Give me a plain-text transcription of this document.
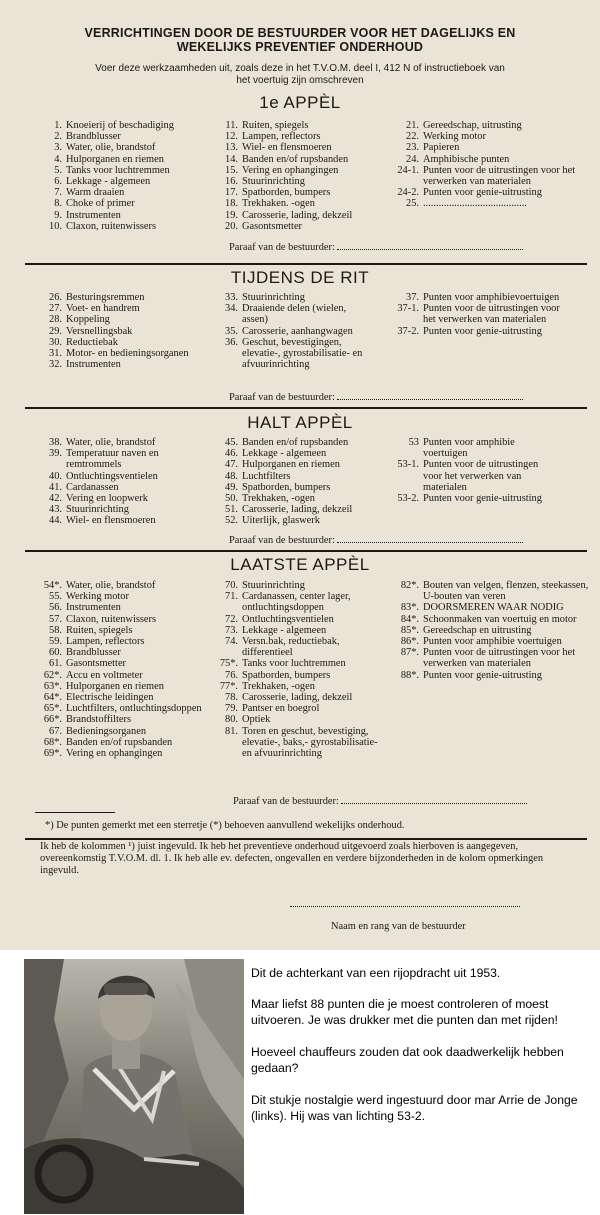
VERRICHTINGEN DOOR DE BESTUURDER VOOR HET DAGELIJKS EN
WEKELIJKS PREVENTIEF ONDERHOUD
Voer deze werkzaamheden uit, zoals deze in het T.V.O.M. deel I, 412 N of instructieboek van
het voertuig zijn omschreven
1e APPÈL
1. Knoeierij of beschadiging
2. Brandblusser
3. Water, olie, brandstof
4. Hulporganen en riemen
5. Tanks voor luchtremmen
6. Lekkage - algemeen
7. Warm draaien
8. Choke of primer
9. Instrumenten
10. Claxon, ruitenwissers
11. Ruiten, spiegels
12. Lampen, reflectors
13. Wiel- en flensmoeren
14. Banden en/of rupsbanden
15. Vering en ophangingen
16. Stuurinrichting
17. Spatborden, bumpers
18. Trekhaken. -ogen
19. Carosserie, lading, dekzeil
20. Gasontsmetter
21. Gereedschap, uitrusting
22. Werking motor
23. Papieren
24. Amphibische punten
24-1. Punten voor de uitrustingen voor het verwerken van materialen
24-2. Punten voor genie-uitrusting
25. ........................................
Paraaf van de bestuurder:
TIJDENS DE RIT
26. Besturingsremmen
27. Voet- en handrem
28. Koppeling
29. Versnellingsbak
30. Reductiebak
31. Motor- en bedieningsorganen
32. Instrumenten
33. Stuurinrichting
34. Draaiende delen (wielen, assen)
35. Carosserie, aanhangwagen
36. Geschut, bevestigingen, elevatie-, gyrostabilisatie- en afvuurinrichting
37. Punten voor amphibievoertuigen
37-1. Punten voor de uitrustingen voor het verwerken van materialen
37-2. Punten voor genie-uitrusting
Paraaf van de bestuurder:
HALT APPÈL
38. Water, olie, brandstof
39. Temperatuur naven en remtrommels
40. Ontluchtingsventielen
41. Cardanassen
42. Vering en loopwerk
43. Stuurinrichting
44. Wiel- en flensmoeren
45. Banden en/of rupsbanden
46. Lekkage - algemeen
47. Hulporganen en riemen
48. Luchtfilters
49. Spatborden, bumpers
50. Trekhaken, -ogen
51. Carosserie, lading, dekzeil
52. Uiterlijk, glaswerk
53 Punten voor amphibie voertuigen
53-1. Punten voor de uitrustingen voor het verwerken van materialen
53-2. Punten voor genie-uitrusting
Paraaf van de bestuurder:
LAATSTE APPÈL
54*. Water, olie, brandstof
55. Werking motor
56. Instrumenten
57. Claxon, ruitenwissers
58. Ruiten, spiegels
59. Lampen, reflectors
60. Brandblusser
61. Gasontsmetter
62*. Accu en voltmeter
63*. Hulporganen en riemen
64*. Electrische leidingen
65*. Luchtfilters, ontluchtingsdoppen
66*. Brandstoffilters
67. Bedieningsorganen
68*. Banden en/of rupsbanden
69*. Vering en ophangingen
70. Stuurinrichting
71. Cardanassen, center lager, ontluchtingsdoppen
72. Ontluchtingsventielen
73. Lekkage - algemeen
74. Versn.bak, reductiebak, differentieel
75*. Tanks voor luchtremmen
76. Spatborden, bumpers
77*. Trekhaken, -ogen
78. Carosserie, lading, dekzeil
79. Pantser en boegrol
80. Optiek
81. Toren en geschut, bevestiging, elevatie-, baks,- gyrostabilisatie- en afvuurinrichting
82*. Bouten van velgen, flenzen, steekassen, U-bouten van veren
83*. DOORSMEREN WAAR NODIG
84*. Schoonmaken van voertuig en motor
85*. Gereedschap en uitrusting
86*. Punten voor amphibie voertuigen
87*. Punten voor de uitrustingen voor het verwerken van materialen
88*. Punten voor genie-uitrusting
Paraaf van de bestuurder:
*) De punten gemerkt met een sterretje (*) behoeven aanvullend wekelijks onderhoud.
Ik heb de kolommen ¹) juist ingevuld. Ik heb het preventieve onderhoud uitgevoerd zoals hierboven is aangegeven, overeenkomstig T.V.O.M. dl. 1. Ik heb alle ev. defecten, ongevallen en verdere bijzonderheden in de kolom opmerkingen ingevuld.
Naam en rang van de bestuurder
Dit de achterkant van een rijopdracht uit 1953.
Maar liefst 88 punten die je moest controleren of moest uitvoeren. Je was drukker met die punten dan met rijden!
Hoeveel chauffeurs zouden dat ook daadwerkelijk hebben gedaan?
Dit stukje nostalgie werd ingestuurd door mar Arrie de Jonge (links). Hij was van lichting 53-2.
